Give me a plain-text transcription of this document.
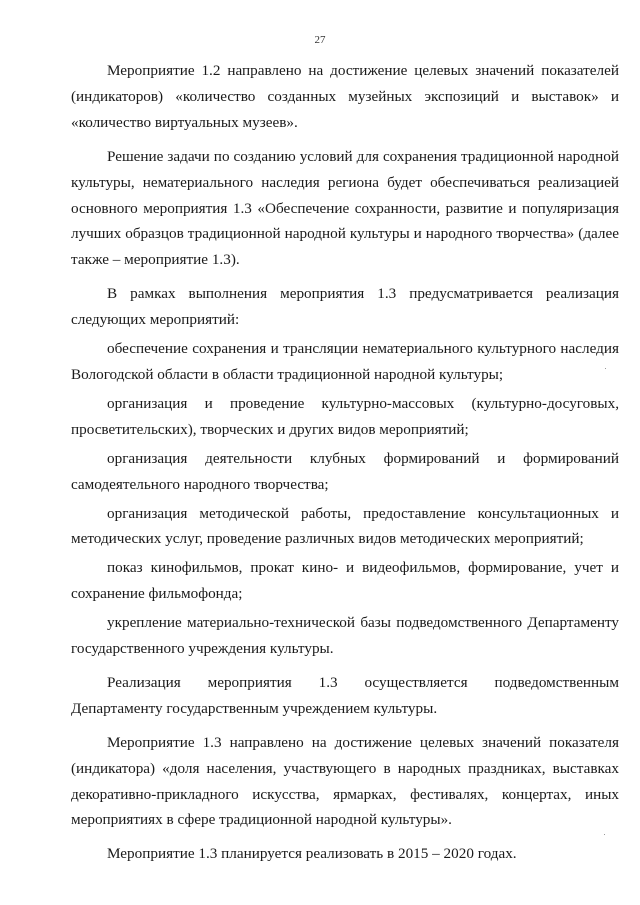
27

Мероприятие 1.2 направлено на достижение целевых значений показателей (индикаторов) «количество созданных музейных экспозиций и выставок» и «количество виртуальных музеев».

Решение задачи по созданию условий для сохранения традиционной народной культуры, нематериального наследия региона будет обеспечиваться реализацией основного мероприятия 1.3 «Обеспечение сохранности, развитие и популяризация лучших образцов традиционной народной культуры и народного творчества» (далее также – мероприятие 1.3).

В рамках выполнения мероприятия 1.3 предусматривается реализация следующих мероприятий:

обеспечение сохранения и трансляции нематериального культурного наследия Вологодской области в области традиционной народной культуры;

организация и проведение культурно-массовых (культурно-досуговых, просветительских), творческих и других видов мероприятий;

организация деятельности клубных формирований и формирований самодеятельного народного творчества;

организация методической работы, предоставление консультационных и методических услуг, проведение различных видов методических мероприятий;

показ кинофильмов, прокат кино- и видеофильмов, формирование, учет и сохранение фильмофонда;

укрепление материально-технической базы подведомственного Департаменту государственного учреждения культуры.

Реализация мероприятия 1.3 осуществляется подведомственным Департаменту государственным учреждением культуры.

Мероприятие 1.3 направлено на достижение целевых значений показателя (индикатора) «доля населения, участвующего в народных праздниках, выставках декоративно-прикладного искусства, ярмарках, фестивалях, концертах, иных мероприятиях в сфере традиционной народной культуры».

Мероприятие 1.3 планируется реализовать в 2015 – 2020 годах.
